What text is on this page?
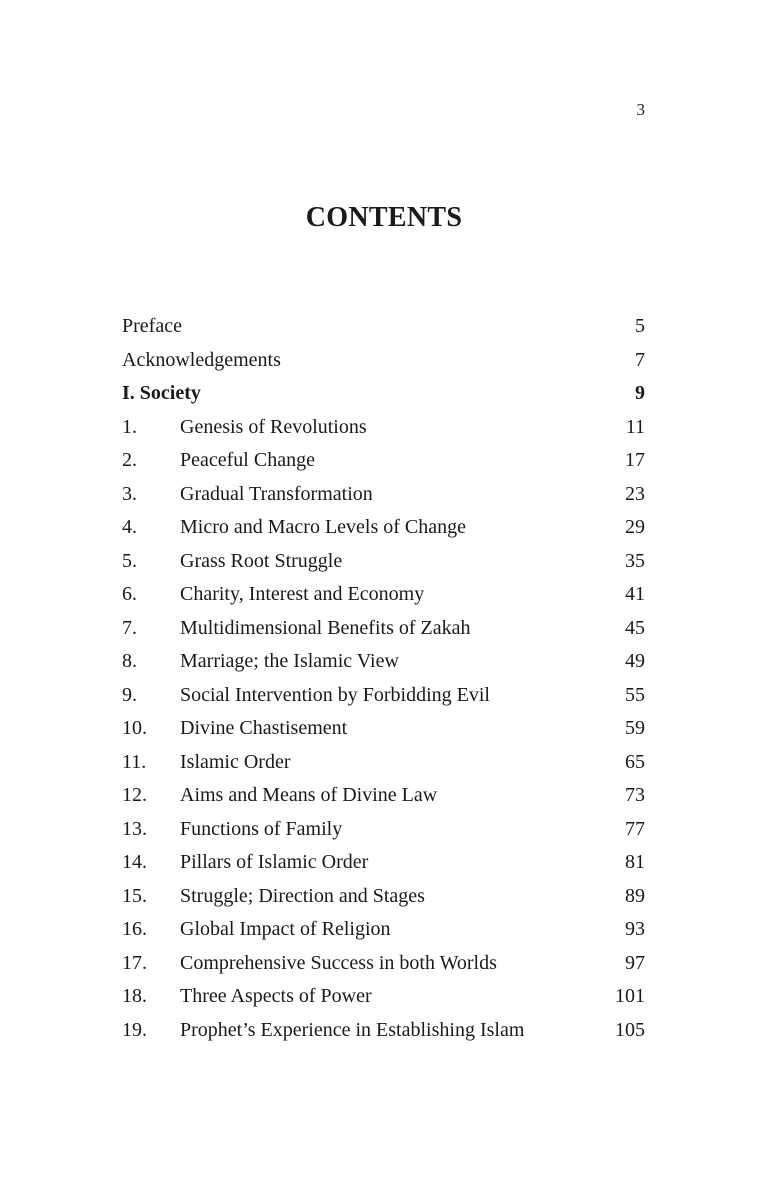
3
CONTENTS
Preface	5
Acknowledgements	7
I. Society	9
1. Genesis of Revolutions	11
2. Peaceful Change	17
3. Gradual Transformation	23
4. Micro and Macro Levels of Change	29
5. Grass Root Struggle	35
6. Charity, Interest and Economy	41
7. Multidimensional Benefits of Zakah	45
8. Marriage; the Islamic View	49
9. Social Intervention by Forbidding Evil	55
10. Divine Chastisement	59
11. Islamic Order	65
12. Aims and Means of Divine Law	73
13. Functions of Family	77
14. Pillars of Islamic Order	81
15. Struggle; Direction and Stages	89
16. Global Impact of Religion	93
17. Comprehensive Success in both Worlds	97
18. Three Aspects of Power	101
19. Prophet’s Experience in Establishing Islam	105
